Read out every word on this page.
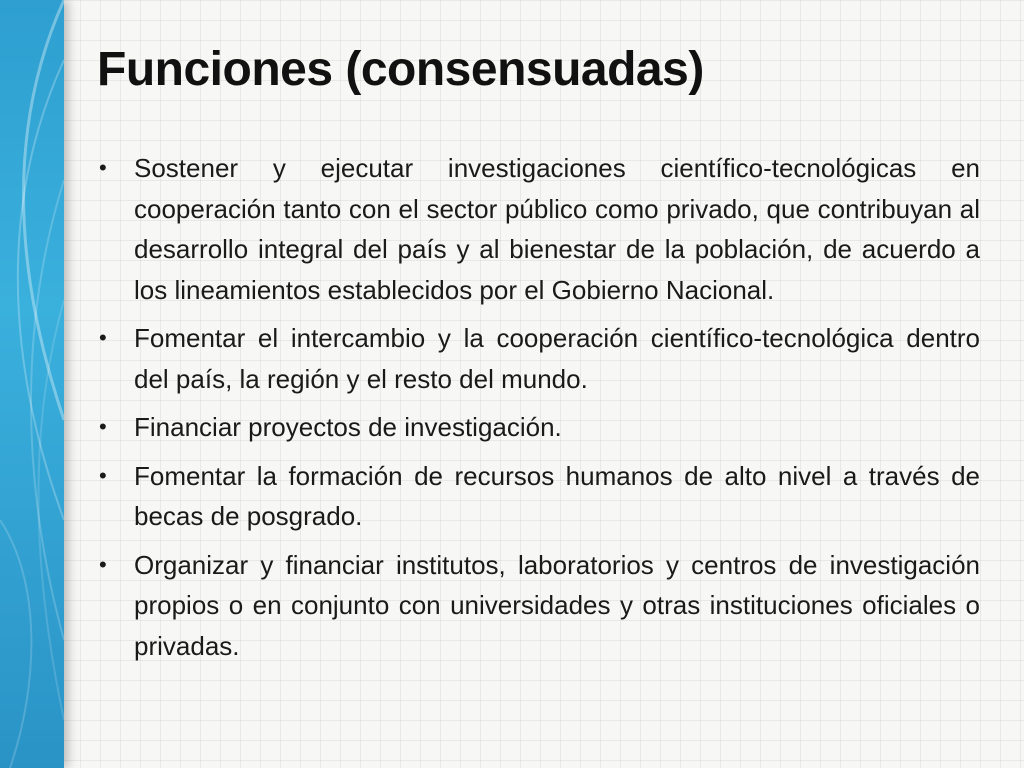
Funciones (consensuadas)
• Sostener y ejecutar investigaciones científico-tecnológicas en cooperación tanto con el sector público como privado, que contribuyan al desarrollo integral del país y al bienestar de la población, de acuerdo a los lineamientos establecidos por el Gobierno Nacional.
• Fomentar el intercambio y la cooperación científico-tecnológica dentro del país, la región y el resto del mundo.
• Financiar proyectos de investigación.
• Fomentar la formación de recursos humanos de alto nivel a través de becas de posgrado.
• Organizar y financiar institutos, laboratorios y centros de investigación propios o en conjunto con universidades y otras instituciones oficiales o privadas.
